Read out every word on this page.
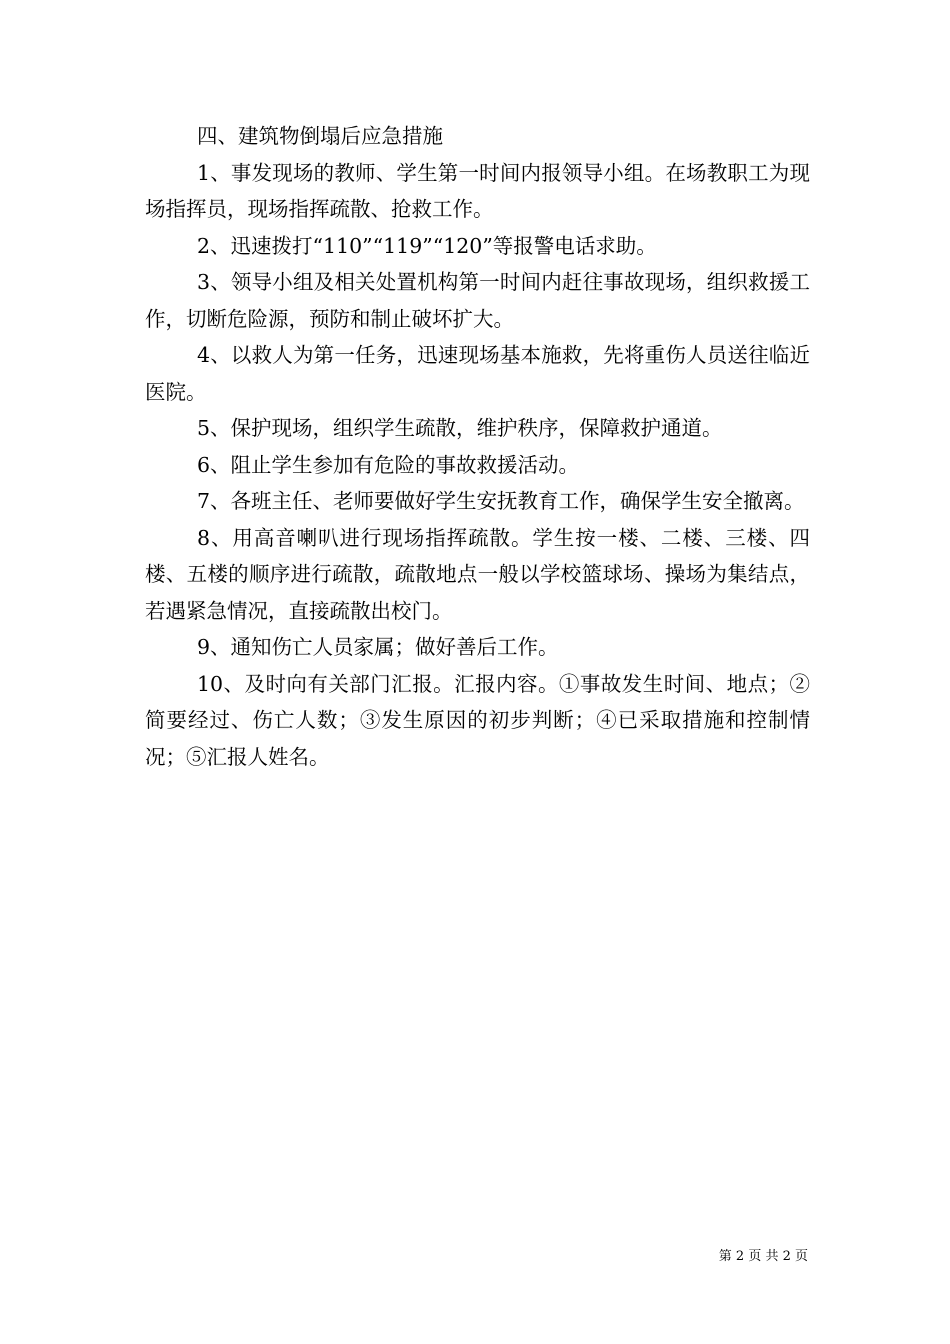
四、建筑物倒塌后应急措施

1、事发现场的教师、学生第一时间内报领导小组。在场教职工为现场指挥员，现场指挥疏散、抢救工作。

2、迅速拨打“110”“119”“120”等报警电话求助。

3、领导小组及相关处置机构第一时间内赶往事故现场，组织救援工作，切断危险源，预防和制止破坏扩大。

4、以救人为第一任务，迅速现场基本施救，先将重伤人员送往临近医院。

5、保护现场，组织学生疏散，维护秩序，保障救护通道。

6、阻止学生参加有危险的事故救援活动。

7、各班主任、老师要做好学生安抚教育工作，确保学生安全撤离。

8、用高音喇叭进行现场指挥疏散。学生按一楼、二楼、三楼、四楼、五楼的顺序进行疏散，疏散地点一般以学校篮球场、操场为集结点，若遇紧急情况，直接疏散出校门。

9、通知伤亡人员家属；做好善后工作。

10、及时向有关部门汇报。汇报内容。①事故发生时间、地点；②简要经过、伤亡人数；③发生原因的初步判断；④已采取措施和控制情况；⑤汇报人姓名。

第 2 页 共 2 页
